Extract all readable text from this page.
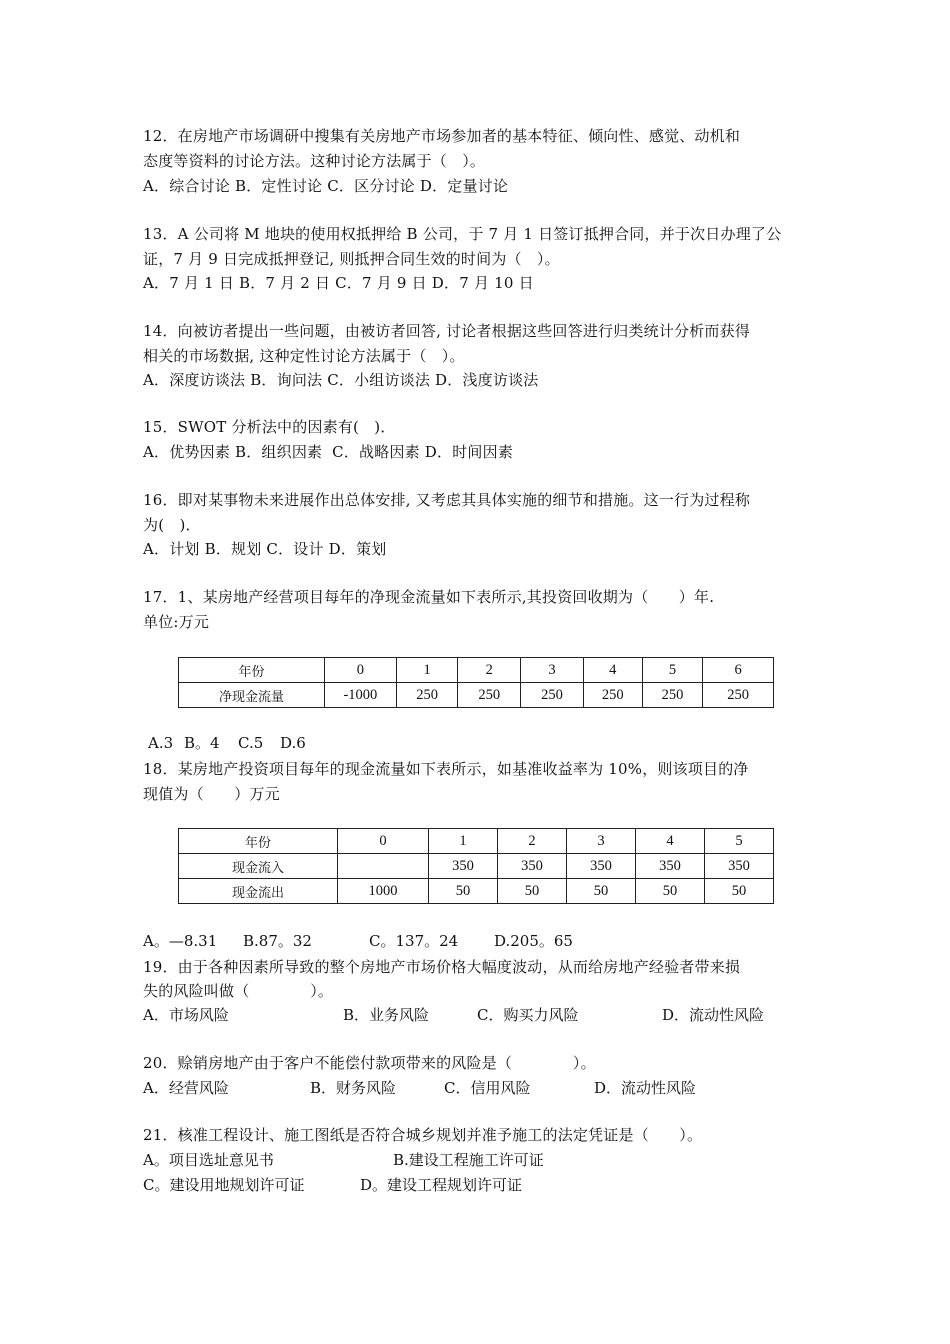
12．在房地产市场调研中搜集有关房地产市场参加者的基本特征、倾向性、感觉、动机和
态度等资料的讨论方法。这种讨论方法属于（　）。
A．综合讨论 B．定性讨论 C．区分讨论 D．定量讨论
13．A 公司将 M 地块的使用权抵押给 B 公司，于 7 月 1 日签订抵押合同，并于次日办理了公
证，7 月 9 日完成抵押登记, 则抵押合同生效的时间为（　）。
A．7 月 1 日 B．7 月 2 日 C．7 月 9 日 D．7 月 10 日
14．向被访者提出一些问题，由被访者回答, 讨论者根据这些回答进行归类统计分析而获得
相关的市场数据, 这种定性讨论方法属于（　）。
A．深度访谈法 B．询问法 C．小组访谈法 D．浅度访谈法
15．SWOT 分析法中的因素有(　)．
A．优势因素 B．组织因素  C．战略因素 D．时间因素
16．即对某事物未来进展作出总体安排, 又考虑其具体实施的细节和措施。这一行为过程称
为(　)．
A．计划 B．规划 C．设计 D．策划
17．1、某房地产经营项目每年的净现金流量如下表所示,其投资回收期为（　　）年.
单位:万元
年份	0	1	2	3	4	5	6
净现金流量	-1000	250	250	250	250	250	250
A.3 B。4 C.5 D.6
18．某房地产投资项目每年的现金流量如下表所示，如基准收益率为 10%，则该项目的净
现值为（　　）万元
年份	0	1	2	3	4	5
现金流入		350	350	350	350	350
现金流出	1000	50	50	50	50	50
A。—8.31 B.87。32	C。137。24 D.205。65
19．由于各种因素所导致的整个房地产市场价格大幅度波动，从而给房地产经验者带来损
失的风险叫做（　　　　）。
A．市场风险	B．业务风险	C．购买力风险	D．流动性风险
20．赊销房地产由于客户不能偿付款项带来的风险是（　　　　）。
A．经营风险	B．财务风险	C．信用风险	D．流动性风险
21．核准工程设计、施工图纸是否符合城乡规划并准予施工的法定凭证是（　　）。
A。项目选址意见书	B.建设工程施工许可证
C。建设用地规划许可证	D。建设工程规划许可证
